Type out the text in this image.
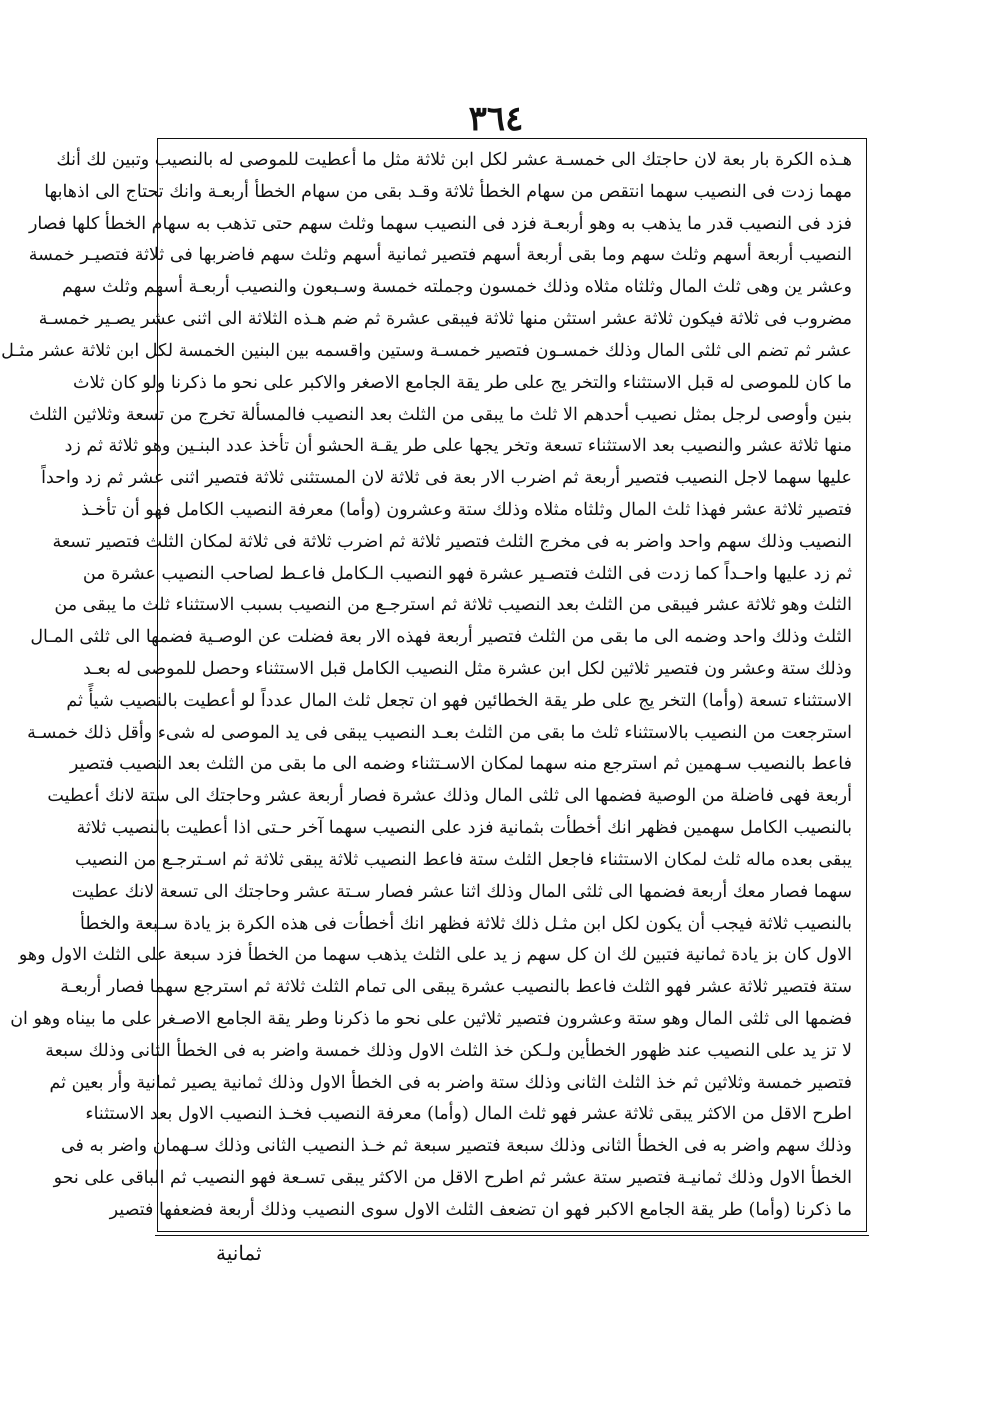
٣٦٤
هـذه الكرة بار بعة لان حاجتك الى خمسـة عشر لكل ابن ثلاثة مثل ما أعطيت للموصى له بالنصيب وتبين لك أنك
مهما زدت فى النصيب سهما انتقص من سهام الخطأ ثلاثة وقـد بقى من سهام الخطأ أربعـة وانك تحتاج الى اذهابها
فزد فى النصيب قدر ما يذهب به وهو أربعـة فزد فى النصيب سهما وثلث سهم حتى تذهب به سهام الخطأ كلها فصار
النصيب أربعة أسهم وثلث سهم وما بقى أربعة أسهم فتصير ثمانية أسهم وثلث سهم فاضربها فى ثلاثة فتصيـر خمسة
وعشر ين وهى ثلث المال وثلثاه مثلاه وذلك خمسون وجملته خمسة وسـبعون والنصيب أربعـة أسهم وثلث سهم
مضروب فى ثلاثة فيكون ثلاثة عشر استثن منها ثلاثة فيبقى عشرة ثم ضم هـذه الثلاثة الى اثنى عشر يصـير خمسـة
عشر ثم تضم الى ثلثى المال وذلك خمسـون فتصير خمسـة وستين واقسمه بين البنين الخمسة لكل ابن ثلاثة عشر مثـل
ما كان للموصى له قبل الاستثناء والتخر يج على طر يقة الجامع الاصغر والاكبر على نحو ما ذكرنا ولو كان ثلاث
بنين وأوصى لرجل بمثل نصيب أحدهم الا ثلث ما يبقى من الثلث بعد النصيب فالمسألة تخرج من تسعة وثلاثين الثلث
منها ثلاثة عشر والنصيب بعد الاستثناء تسعة وتخر يجها على طر يقـة الحشو أن تأخذ عدد البنـين وهو ثلاثة ثم زد
عليها سهما لاجل النصيب فتصير أربعة ثم اضرب الار بعة فى ثلاثة لان المستثنى ثلاثة فتصير اثنى عشر ثم زد واحداً
فتصير ثلاثة عشر فهذا ثلث المال وثلثاه مثلاه وذلك ستة وعشرون (وأما) معرفة النصيب الكامل فهو أن تأخـذ
النصيب وذلك سهم واحد واضر به فى مخرج الثلث فتصير ثلاثة ثم اضرب ثلاثة فى ثلاثة لمكان الثلث فتصير تسعة
ثم زد عليها واحـداً كما زدت فى الثلث فتصـير عشرة فهو النصيب الـكامل فاعـط لصاحب النصيب عشرة من
الثلث وهو ثلاثة عشر فيبقى من الثلث بعد النصيب ثلاثة ثم استرجـع من النصيب بسبب الاستثناء ثلث ما يبقى من
الثلث وذلك واحد وضمه الى ما بقى من الثلث فتصير أربعة فهذه الار بعة فضلت عن الوصـية فضمها الى ثلثى المـال
وذلك ستة وعشر ون فتصير ثلاثين لكل ابن عشرة مثل النصيب الكامل قبل الاستثناء وحصل للموصى له بعـد
الاستثناء تسعة (وأما) التخر يج على طر يقة الخطائين فهو ان تجعل ثلث المال عدداً لو أعطيت بالنصيب شيأً ثم
استرجعت من النصيب بالاستثناء ثلث ما بقى من الثلث بعـد النصيب يبقى فى يد الموصى له شىء وأقل ذلك خمسـة
فاعط بالنصيب سـهمين ثم استرجع منه سهما لمكان الاسـتثناء وضمه الى ما بقى من الثلث بعد النصيب فتصير
أربعة فهى فاضلة من الوصية فضمها الى ثلثى المال وذلك عشرة فصار أربعة عشر وحاجتك الى ستة لانك أعطيت
بالنصيب الكامل سهمين فظهر انك أخطأت بثمانية فزد على النصيب سهما آخر حـتى اذا أعطيت بالنصيب ثلاثة
يبقى بعده ماله ثلث لمكان الاستثناء فاجعل الثلث ستة فاعط النصيب ثلاثة يبقى ثلاثة ثم اسـترجـع من النصيب
سهما فصار معك أربعة فضمها الى ثلثى المال وذلك اثنا عشر فصار سـتة عشر وحاجتك الى تسعة لانك عطيت
بالنصيب ثلاثة فيجب أن يكون لكل ابن مثـل ذلك ثلاثة فظهر انك أخطأت فى هذه الكرة بز يادة سـبعة والخطأ
الاول كان بز يادة ثمانية فتبين لك ان كل سهم ز يد على الثلث يذهب سهما من الخطأ فزد سبعة على الثلث الاول وهو
ستة فتصير ثلاثة عشر فهو الثلث فاعط بالنصيب عشرة يبقى الى تمام الثلث ثلاثة ثم استرجع سهما فصار أربعـة
فضمها الى ثلثى المال وهو ستة وعشرون فتصير ثلاثين على نحو ما ذكرنا وطر يقة الجامع الاصـغر على ما بيناه وهو ان
لا تز يد على النصيب عند ظهور الخطأين ولـكن خذ الثلث الاول وذلك خمسة واضر به فى الخطأ الثانى وذلك سبعة
فتصير خمسة وثلاثين ثم خذ الثلث الثانى وذلك ستة واضر به فى الخطأ الاول وذلك ثمانية يصير ثمانية وأر بعين ثم
اطرح الاقل من الاكثر يبقى ثلاثة عشر فهو ثلث المال (وأما) معرفة النصيب فخـذ النصيب الاول بعد الاستثناء
وذلك سهم واضر به فى الخطأ الثانى وذلك سبعة فتصير سبعة ثم خـذ النصيب الثانى وذلك سـهمان واضر به فى
الخطأ الاول وذلك ثمانيـة فتصير ستة عشر ثم اطرح الاقل من الاكثر يبقى تسـعة فهو النصيب ثم الباقى على نحو
ما ذكرنا (وأما) طر يقة الجامع الاكبر فهو ان تضعف الثلث الاول سوى النصيب وذلك أربعة فضعفها فتصير
ثمانية
